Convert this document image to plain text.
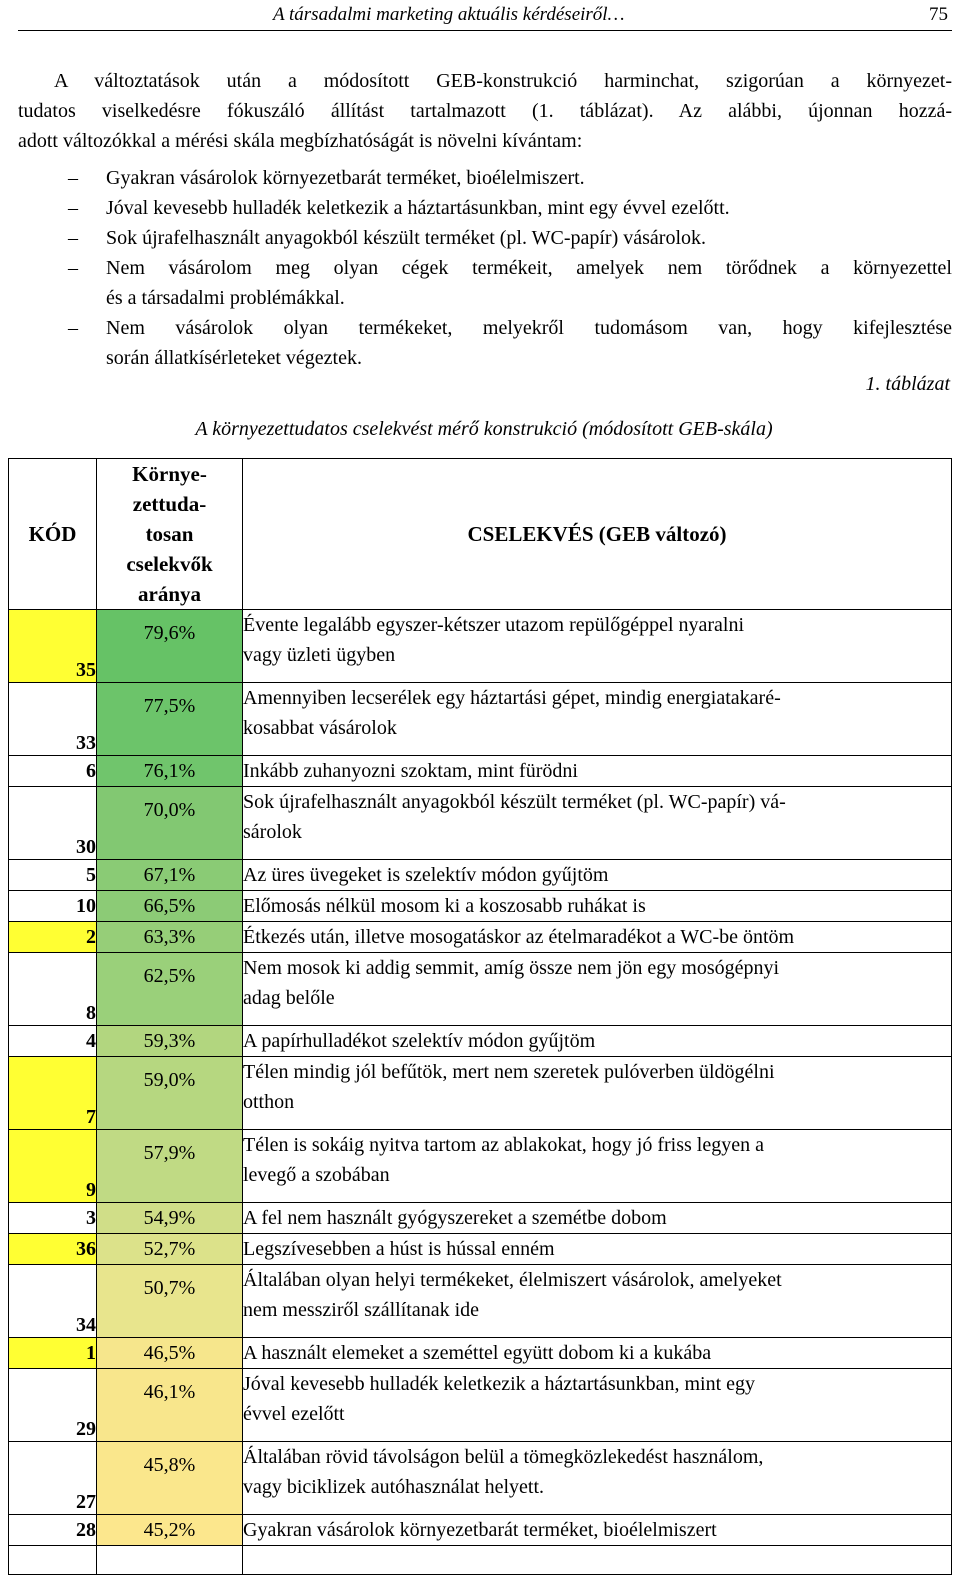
A társadalmi marketing aktuális kérdéseiről…	75
A változtatások után a módosított GEB-konstrukció harminchat, szigorúan a környezet-
tudatos viselkedésre fókuszáló állítást tartalmazott (1. táblázat). Az alábbi, újonnan hozzá-
adott változókkal a mérési skála megbízhatóságát is növelni kívántam:
– Gyakran vásárolok környezetbarát terméket, bioélelmiszert.
– Jóval kevesebb hulladék keletkezik a háztartásunkban, mint egy évvel ezelőtt.
– Sok újrafelhasznált anyagokból készült terméket (pl. WC-papír) vásárolok.
– Nem vásárolom meg olyan cégek termékeit, amelyek nem törődnek a környezettel
és a társadalmi problémákkal.
– Nem vásárolok olyan termékeket, melyekről tudomásom van, hogy kifejlesztése
során állatkísérleteket végeztek.
1. táblázat
A környezettudatos cselekvést mérő konstrukció (módosított GEB-skála)
KÓD	Környe-
zettuda-
tosan
cselekvők
aránya	CSELEKVÉS (GEB változó)
35	79,6%	Évente legalább egyszer-kétszer utazom repülőgéppel nyaralni
vagy üzleti ügyben

33	77,5%	Amennyiben lecserélek egy háztartási gépet, mindig energiatakaré-
kosabbat vásárolok

6	76,1%	Inkább zuhanyozni szoktam, mint fürödni

30	70,0%	Sok újrafelhasznált anyagokból készült terméket (pl. WC-papír) vá-
sárolok

5	67,1%	Az üres üvegeket is szelektív módon gyűjtöm

10	66,5%	Előmosás nélkül mosom ki a koszosabb ruhákat is

2	63,3%	Étkezés után, illetve mosogatáskor az ételmaradékot a WC-be öntöm

8	62,5%	Nem mosok ki addig semmit, amíg össze nem jön egy mosógépnyi
adag belőle

4	59,3%	A papírhulladékot szelektív módon gyűjtöm

7	59,0%	Télen mindig jól befűtök, mert nem szeretek pulóverben üldögélni
otthon

9	57,9%	Télen is sokáig nyitva tartom az ablakokat, hogy jó friss legyen a
levegő a szobában

3	54,9%	A fel nem használt gyógyszereket a szemétbe dobom

36	52,7%	Legszívesebben a húst is hússal enném

34	50,7%	Általában olyan helyi termékeket, élelmiszert vásárolok, amelyeket
nem messziről szállítanak ide

1	46,5%	A használt elemeket a szeméttel együtt dobom ki a kukába

29	46,1%	Jóval kevesebb hulladék keletkezik a háztartásunkban, mint egy
évvel ezelőtt

27	45,8%	Általában rövid távolságon belül a tömegközlekedést használom,
vagy biciklizek autóhasználat helyett.

28	45,2%	Gyakran vásárolok környezetbarát terméket, bioélelmiszert
